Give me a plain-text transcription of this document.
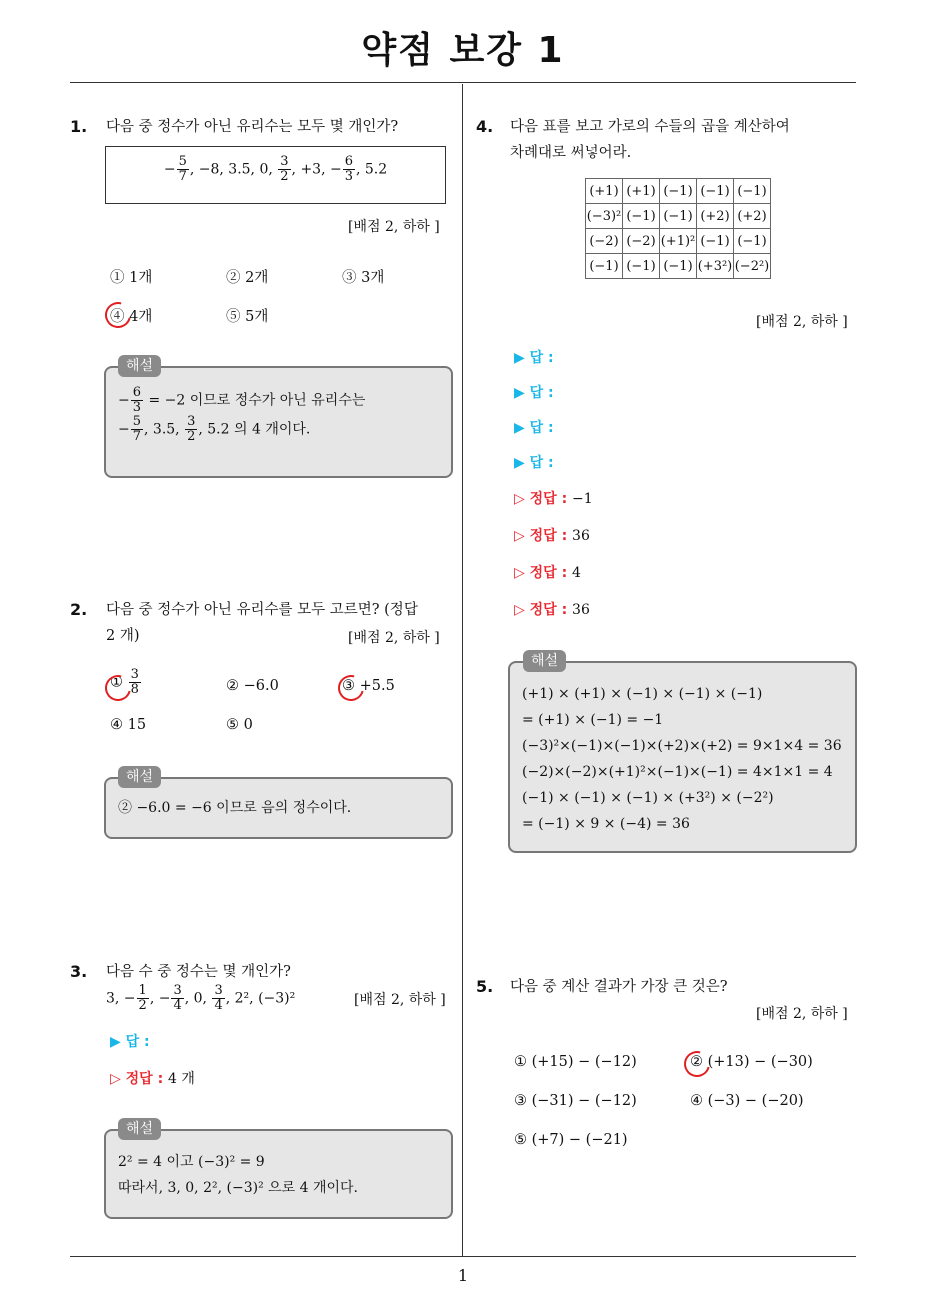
약점 보강 1
1
1. 다음 중 정수가 아닌 유리수는 모두 몇 개인가?
− $\frac{5}{7}$ , −8, 3.5, 0, $\frac{3}{2}$ , +3, − $\frac{6}{3}$ , 5.2
[배점 2, 하하 ]
① 1개	② 2개	③ 3개
④ 4개	⑤ 5개
− $\frac{6}{3} = -2$ 이므로 정수가 아닌 유리수는
− $\frac{5}{7}$ , 3.5, $\frac{3}{2}$ , 5.2 의 4 개이다.
해설
2. 다음 중 정수가 아닌 유리수를 모두 고르면? (정답
2 개)	[배점 2, 하하 ]
① $\frac{3}{8}$	② −6.0	③ +5.5
④ 15	⑤ 0
② −6.0 = −6 이므로 음의 정수이다.
해설
3. 다음 수 중 정수는 몇 개인가?
3, − $\frac{1}{2}$ , − $\frac{3}{4}$ , 0, $\frac{3}{4}$ , 2², (−3)²	[배점 2, 하하 ]
▶ 답 :
▷ 정답 : 4 개
2² = 4 이고 (−3)² = 9
따라서, 3, 0, 2², (−3)² 으로 4 개이다.
해설
4. 다음 표를 보고 가로의 수들의 곱을 계산하여
차례대로 써넣어라.
(+1)	(+1)	(−1)	(−1)	(−1)
(−3)²	(−1)	(−1)	(+2)	(+2)
(−2)	(−2)	(+1)²	(−1)	(−1)
(−1)	(−1)	(−1)	(+3²)	(−2²)
[배점 2, 하하 ]
▶ 답 :
▶ 답 :
▶ 답 :
▶ 답 :
▷ 정답 : −1
▷ 정답 : 36
▷ 정답 : 4
▷ 정답 : 36
(+1) × (+1) × (−1) × (−1) × (−1)
= (+1) × (−1) = −1
(−3)²×(−1)×(−1)×(+2)×(+2) = 9×1×4 = 36
(−2)×(−2)×(+1)²×(−1)×(−1) = 4×1×1 = 4
(−1) × (−1) × (−1) × (+3²) × (−2²)
= (−1) × 9 × (−4) = 36
해설
5. 다음 중 계산 결과가 가장 큰 것은?
[배점 2, 하하 ]
① (+15) − (−12)	② (+13) − (−30)
③ (−31) − (−12)	④ (−3) − (−20)
⑤ (+7) − (−21)
